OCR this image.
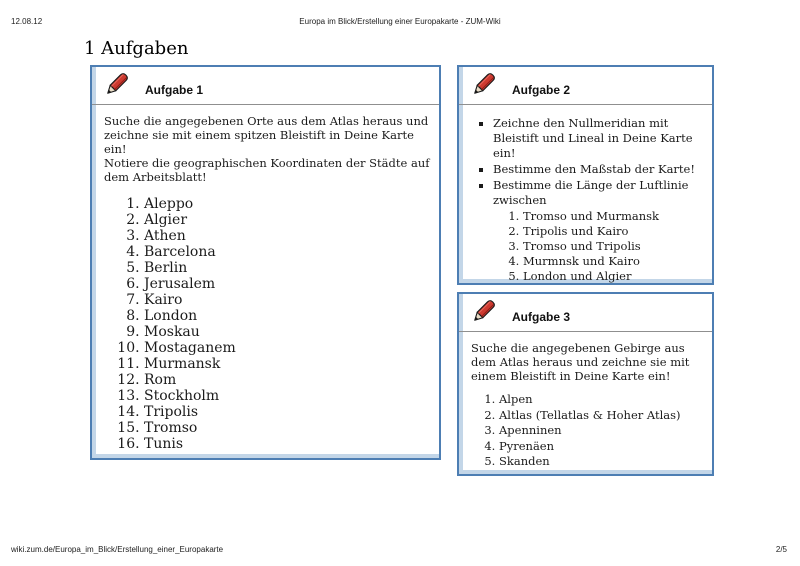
12.08.12	Europa im Blick/Erstellung einer Europakarte - ZUM-Wiki
1 Aufgaben
Aufgabe 1

Suche die angegebenen Orte aus dem Atlas heraus und zeichne sie mit einem spitzen Bleistift in Deine Karte ein!

Notiere die geographischen Koordinaten der Städte auf dem Arbeitsblatt!

1. Aleppo
2. Algier
3. Athen
4. Barcelona
5. Berlin
6. Jerusalem
7. Kairo
8. London
9. Moskau
10. Mostaganem
11. Murmansk
12. Rom
13. Stockholm
14. Tripolis
15. Tromso
16. Tunis
Aufgabe 2
▪ Zeichne den Nullmeridian mit Bleistift und Lineal in Deine Karte ein!
▪ Bestimme den Maßstab der Karte!
▪ Bestimme die Länge der Luftlinie zwischen
1. Tromso und Murmansk
2. Tripolis und Kairo
3. Tromso und Tripolis
4. Murmnsk und Kairo
5. London und Algier

Aufgabe 3

Suche die angegebenen Gebirge aus dem Atlas heraus und zeichne sie mit einem Bleistift in Deine Karte ein!

1. Alpen
2. Altlas (Tellatlas & Hoher Atlas)
3. Apenninen
4. Pyrenäen
5. Skanden
wiki.zum.de/Europa_im_Blick/Erstellung_einer_Europakarte	2/5
